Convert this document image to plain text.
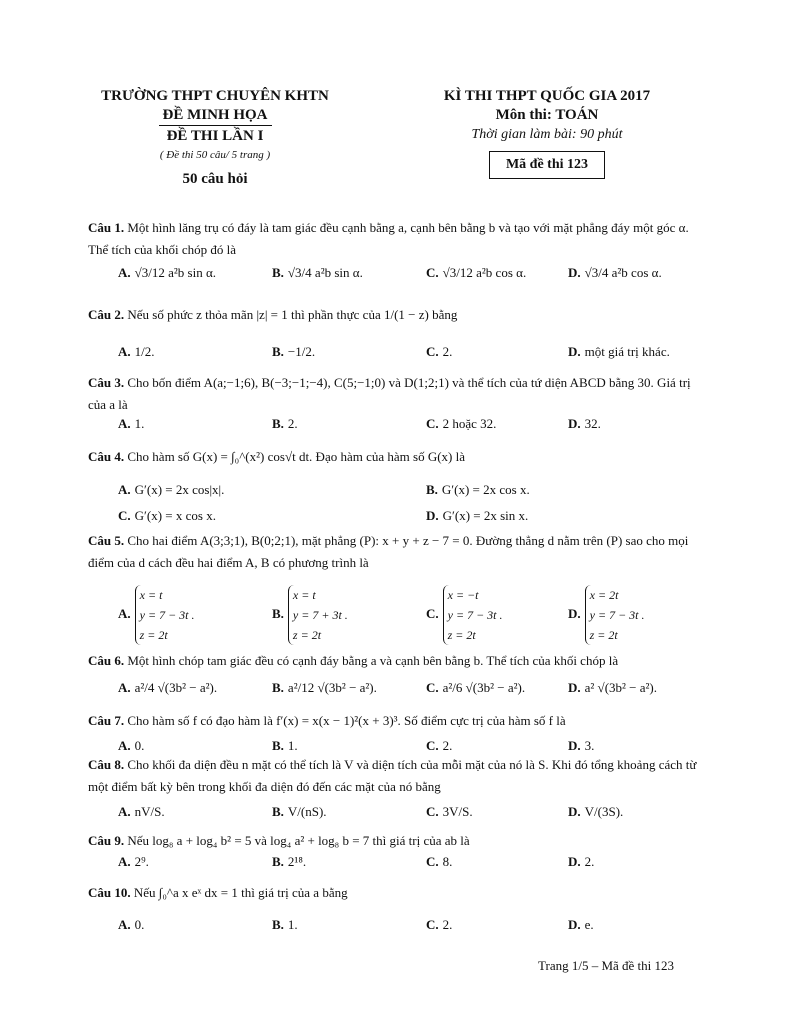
TRƯỜNG THPT CHUYÊN KHTN
ĐỀ MINH HỌA
ĐỀ THI LẦN I
( Đề thi 50 câu/ 5 trang )
50 câu hỏi
KÌ THI THPT QUỐC GIA 2017
Môn thi: TOÁN
Thời gian làm bài: 90 phút
Mã đề thi 123
Câu 1. Một hình lăng trụ có đáy là tam giác đều cạnh bằng a, cạnh bên bằng b và tạo với mặt phẳng đáy một góc α. Thể tích của khối chóp đó là
A. √3/12 a²b sin α.	B. √3/4 a²b sin α.	C. √3/12 a²b cos α.	D. √3/4 a²b cos α.
Câu 2. Nếu số phức z thỏa mãn |z| = 1 thì phần thực của 1/(1 − z) bằng
A. 1/2.	B. −1/2.	C. 2.	D. một giá trị khác.
Câu 3. Cho bốn điểm A(a;−1;6), B(−3;−1;−4), C(5;−1;0) và D(1;2;1) và thể tích của tứ diện ABCD bằng 30. Giá trị của a là
A. 1.	B. 2.	C. 2 hoặc 32.	D. 32.
Câu 4. Cho hàm số G(x) = ∫₀^(x²) cos√t dt. Đạo hàm của hàm số G(x) là
A. G′(x) = 2x cos|x|.	B. G′(x) = 2x cos x.
C. G′(x) = x cos x.	D. G′(x) = 2x sin x.
Câu 5. Cho hai điểm A(3;3;1), B(0;2;1), mặt phẳng (P): x + y + z − 7 = 0. Đường thẳng d nằm trên (P) sao cho mọi điểm của d cách đều hai điểm A, B có phương trình là
A.
x = t
y = 7 − 3t .
z = 2t
B.
x = t
y = 7 + 3t .
z = 2t
C.
x = −t
y = 7 − 3t .
z = 2t
D.
x = 2t
y = 7 − 3t .
z = 2t
Câu 6. Một hình chóp tam giác đều có cạnh đáy bằng a và cạnh bên bằng b. Thể tích của khối chóp là
A. a²/4 √(3b² − a²).	B. a²/12 √(3b² − a²).	C. a²/6 √(3b² − a²).	D. a² √(3b² − a²).
Câu 7. Cho hàm số f có đạo hàm là f′(x) = x(x − 1)²(x + 3)³. Số điểm cực trị của hàm số f là
A. 0.	B. 1.	C. 2.	D. 3.
Câu 8. Cho khối đa diện đều n mặt có thể tích là V và diện tích của mỗi mặt của nó là S. Khi đó tổng khoảng cách từ một điểm bất kỳ bên trong khối đa diện đó đến các mặt của nó bằng
A. nV/S.	B. V/(nS).	C. 3V/S.	D. V/(3S).
Câu 9. Nếu log₈ a + log₄ b² = 5 và log₄ a² + log₈ b = 7 thì giá trị của ab là
A. 2⁹.	B. 2¹⁸.	C. 8.	D. 2.
Câu 10. Nếu ∫₀^a x eˣ dx = 1 thì giá trị của a bằng
A. 0.	B. 1.	C. 2.	D. e.
Trang 1/5 – Mã đề thi 123
